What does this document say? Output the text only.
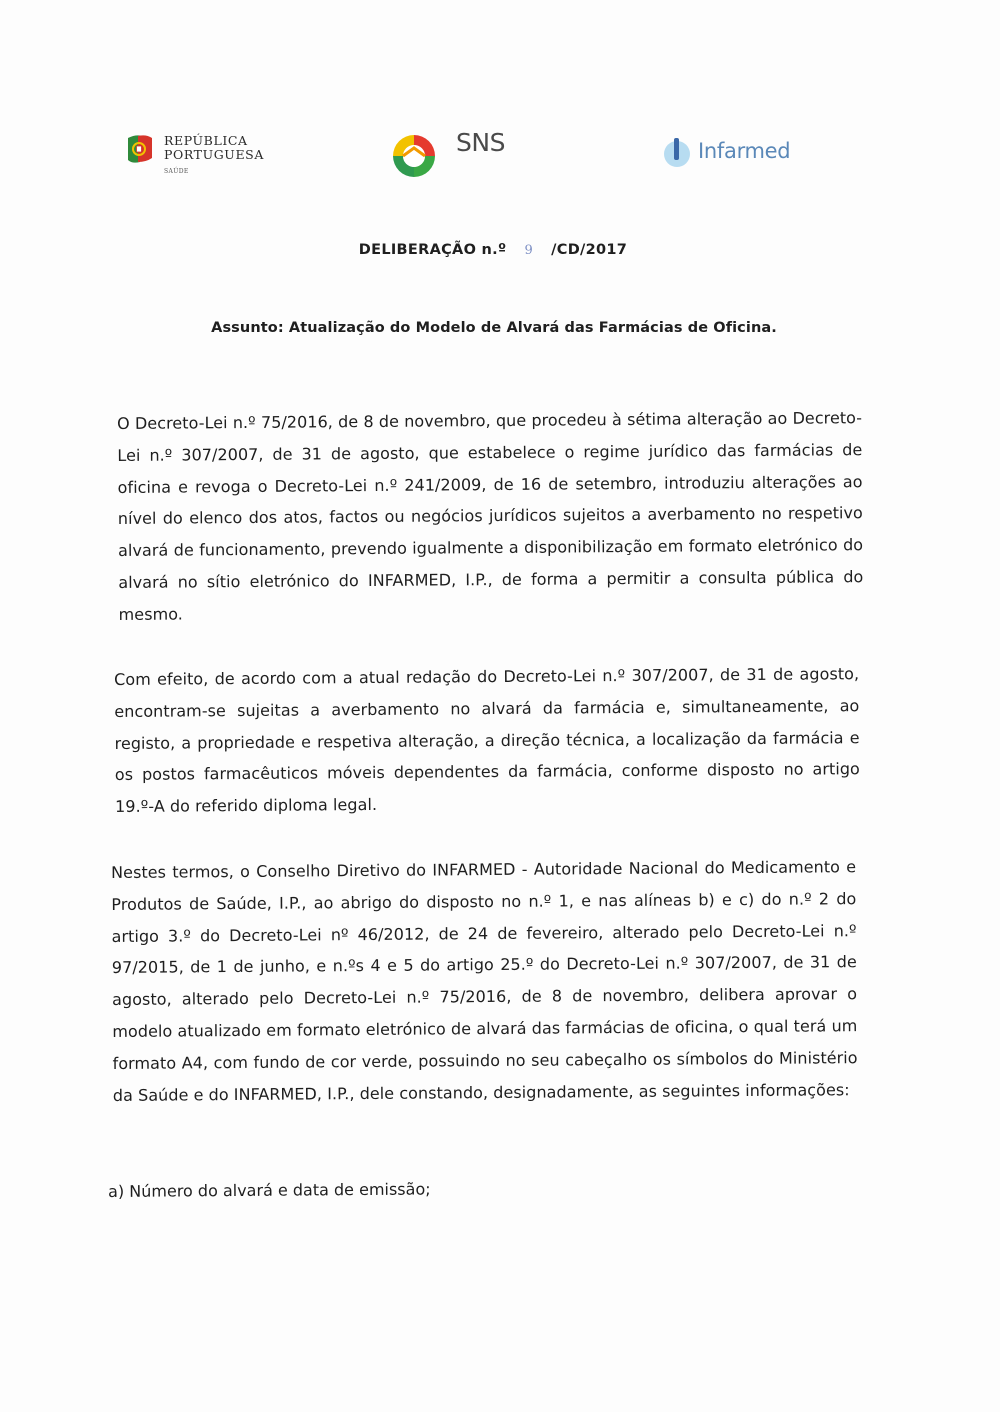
REPÚBLICA
PORTUGUESA
SAÚDE
SNS	Infarmed
DELIBERAÇÃO n.º 9 /CD/2017
Assunto: Atualização do Modelo de Alvará das Farmácias de Oficina.
O Decreto-Lei n.º 75/2016, de 8 de novembro, que procedeu à sétima alteração ao Decreto-Lei n.º 307/2007, de 31 de agosto, que estabelece o regime jurídico das farmácias de oficina e revoga o Decreto-Lei n.º 241/2009, de 16 de setembro, introduziu alterações ao nível do elenco dos atos, factos ou negócios jurídicos sujeitos a averbamento no respetivo alvará de funcionamento, prevendo igualmente a disponibilização em formato eletrónico do alvará no sítio eletrónico do INFARMED, I.P., de forma a permitir a consulta pública do mesmo.
Com efeito, de acordo com a atual redação do Decreto-Lei n.º 307/2007, de 31 de agosto, encontram-se sujeitas a averbamento no alvará da farmácia e, simultaneamente, ao registo, a propriedade e respetiva alteração, a direção técnica, a localização da farmácia e os postos farmacêuticos móveis dependentes da farmácia, conforme disposto no artigo 19.º-A do referido diploma legal.
Nestes termos, o Conselho Diretivo do INFARMED - Autoridade Nacional do Medicamento e Produtos de Saúde, I.P., ao abrigo do disposto no n.º 1, e nas alíneas b) e c) do n.º 2 do artigo 3.º do Decreto-Lei nº 46/2012, de 24 de fevereiro, alterado pelo Decreto-Lei n.º 97/2015, de 1 de junho, e n.ºs 4 e 5 do artigo 25.º do Decreto-Lei n.º 307/2007, de 31 de agosto, alterado pelo Decreto-Lei n.º 75/2016, de 8 de novembro, delibera aprovar o modelo atualizado em formato eletrónico de alvará das farmácias de oficina, o qual terá um formato A4, com fundo de cor verde, possuindo no seu cabeçalho os símbolos do Ministério da Saúde e do INFARMED, I.P., dele constando, designadamente, as seguintes informações:
a) Número do alvará e data de emissão;
